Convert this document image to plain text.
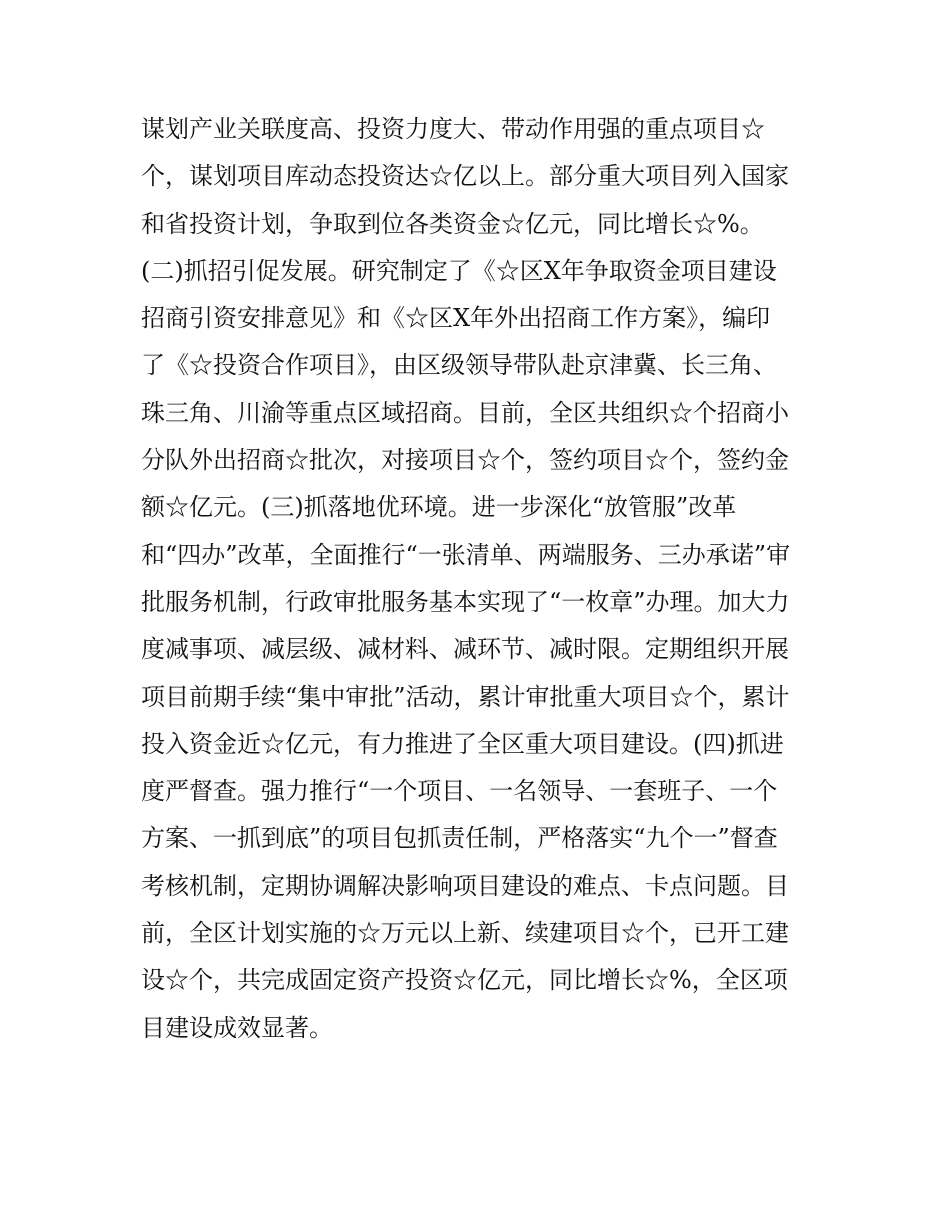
谋划产业关联度高、投资力度大、带动作用强的重点项目☆
个，谋划项目库动态投资达☆亿以上。部分重大项目列入国家
和省投资计划，争取到位各类资金☆亿元，同比增长☆%。
(二)抓招引促发展。研究制定了《☆区X年争取资金项目建设
招商引资安排意见》和《☆区X年外出招商工作方案》，编印
了《☆投资合作项目》，由区级领导带队赴京津冀、长三角、
珠三角、川渝等重点区域招商。目前，全区共组织☆个招商小
分队外出招商☆批次，对接项目☆个，签约项目☆个，签约金
额☆亿元。(三)抓落地优环境。进一步深化“放管服”改革
和“四办”改革，全面推行“一张清单、两端服务、三办承诺”审
批服务机制，行政审批服务基本实现了“一枚章”办理。加大力
度减事项、减层级、减材料、减环节、减时限。定期组织开展
项目前期手续“集中审批”活动，累计审批重大项目☆个，累计
投入资金近☆亿元，有力推进了全区重大项目建设。(四)抓进
度严督查。强力推行“一个项目、一名领导、一套班子、一个
方案、一抓到底”的项目包抓责任制，严格落实“九个一”督查
考核机制，定期协调解决影响项目建设的难点、卡点问题。目
前，全区计划实施的☆万元以上新、续建项目☆个，已开工建
设☆个，共完成固定资产投资☆亿元，同比增长☆%，全区项
目建设成效显著。
